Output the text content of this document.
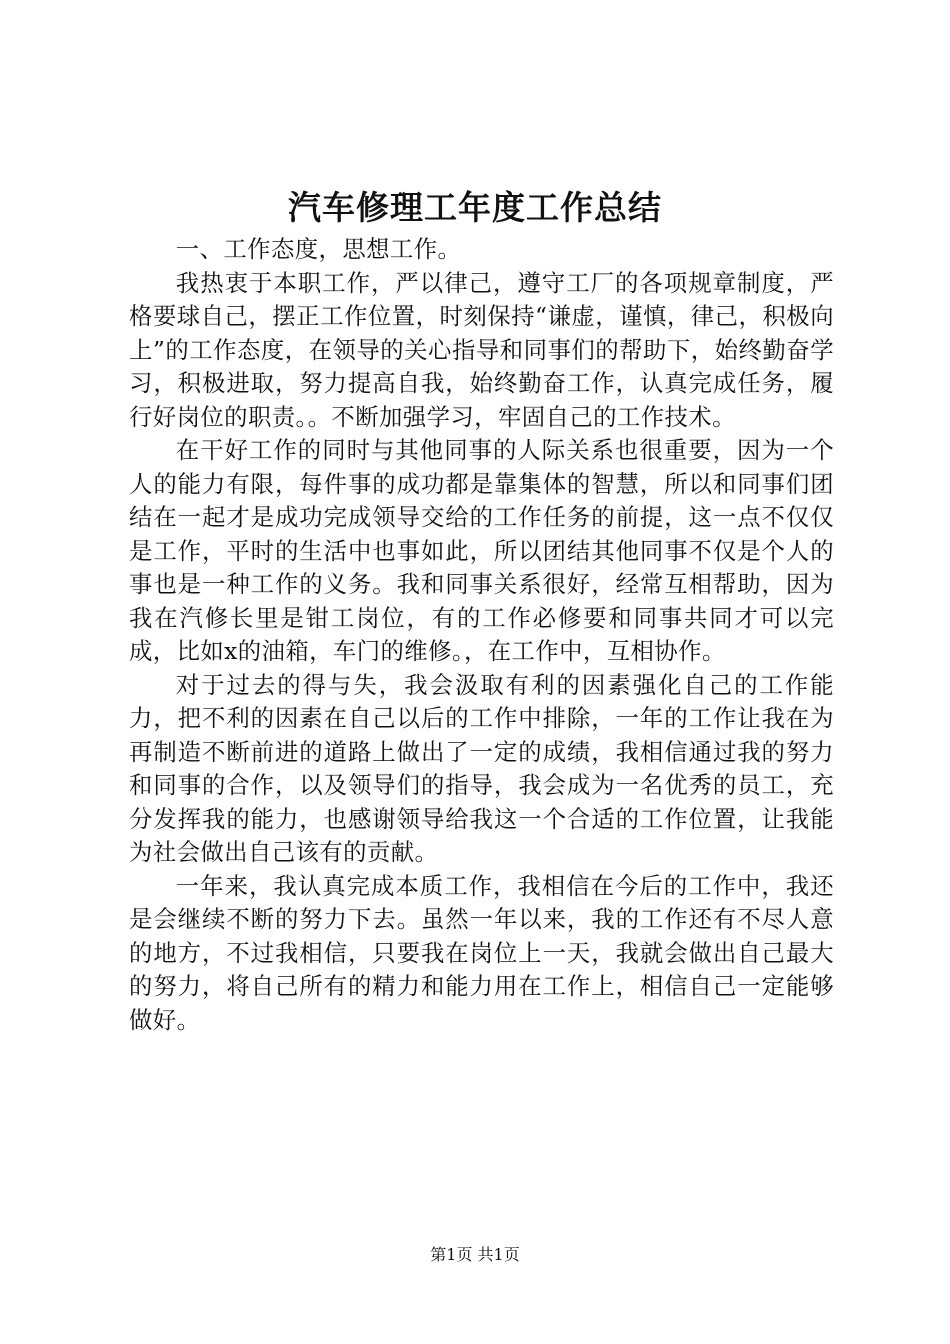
汽车修理工年度工作总结

一、工作态度，思想工作。

我热衷于本职工作，严以律己，遵守工厂的各项规章制度，严格要球自己，摆正工作位置，时刻保持“谦虚，谨慎，律己，积极向上”的工作态度，在领导的关心指导和同事们的帮助下，始终勤奋学习，积极进取，努力提高自我，始终勤奋工作，认真完成任务，履行好岗位的职责。。不断加强学习，牢固自己的工作技术。

在干好工作的同时与其他同事的人际关系也很重要，因为一个人的能力有限，每件事的成功都是靠集体的智慧，所以和同事们团结在一起才是成功完成领导交给的工作任务的前提，这一点不仅仅是工作，平时的生活中也事如此，所以团结其他同事不仅是个人的事也是一种工作的义务。我和同事关系很好，经常互相帮助，因为我在汽修长里是钳工岗位，有的工作必修要和同事共同才可以完成，比如x的油箱，车门的维修。，在工作中，互相协作。

对于过去的得与失，我会汲取有利的因素强化自己的工作能力，把不利的因素在自己以后的工作中排除，一年的工作让我在为再制造不断前进的道路上做出了一定的成绩，我相信通过我的努力和同事的合作，以及领导们的指导，我会成为一名优秀的员工，充分发挥我的能力，也感谢领导给我这一个合适的工作位置，让我能为社会做出自己该有的贡献。

一年来，我认真完成本质工作，我相信在今后的工作中，我还是会继续不断的努力下去。虽然一年以来，我的工作还有不尽人意的地方，不过我相信，只要我在岗位上一天，我就会做出自己最大的努力，将自己所有的精力和能力用在工作上，相信自己一定能够做好。

第1页 共1页
